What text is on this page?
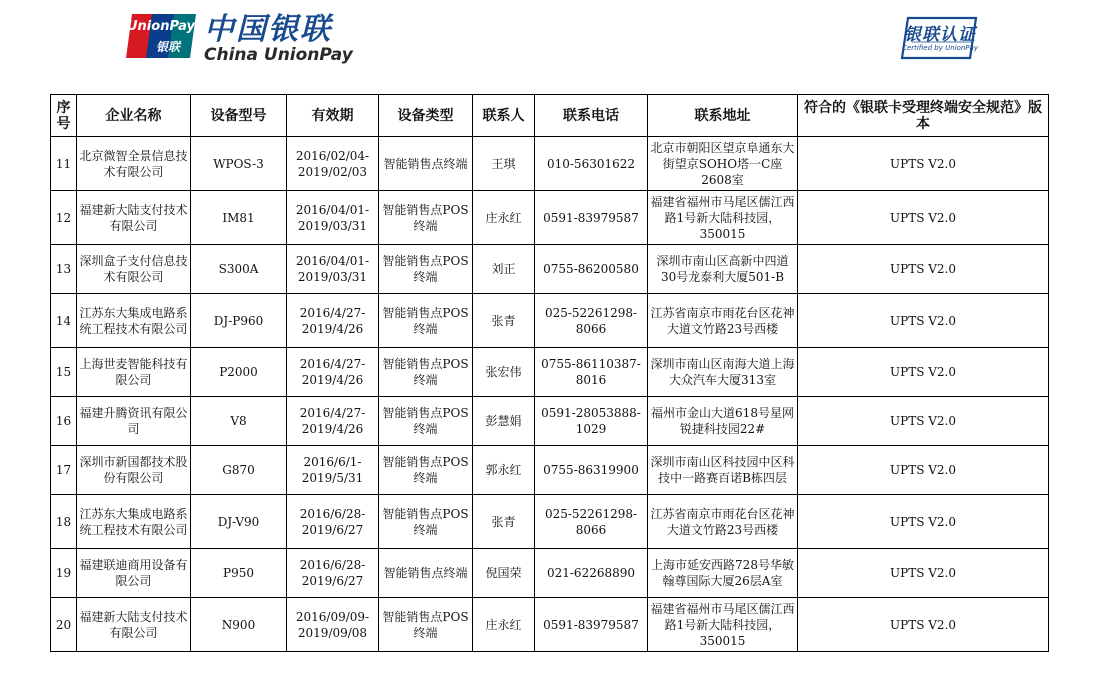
UnionPay
银联 中国银联
China UnionPay
银联认证
Certified by UnionPay
序号	企业名称	设备型号	有效期	设备类型	联系人	联系电话	联系地址	符合的《银联卡受理终端安全规范》版本
11	北京微智全景信息技术有限公司	WPOS-3	2016/02/04-2019/02/03	智能销售点终端	王琪	010-56301622	北京市朝阳区望京阜通东大街望京SOHO塔一C座2608室	UPTS V2.0
12	福建新大陆支付技术有限公司	IM81	2016/04/01-2019/03/31	智能销售点POS终端	庄永红	0591-83979587	福建省福州市马尾区儒江西路1号新大陆科技园，350015	UPTS V2.0
13	深圳盒子支付信息技术有限公司	S300A	2016/04/01-2019/03/31	智能销售点POS终端	刘正	0755-86200580	深圳市南山区高新中四道30号龙泰利大厦501-B	UPTS V2.0
14	江苏东大集成电路系统工程技术有限公司	DJ-P960	2016/4/27-2019/4/26	智能销售点POS终端	张青	025-52261298-8066	江苏省南京市雨花台区花神大道文竹路23号西楼	UPTS V2.0
15	上海世麦智能科技有限公司	P2000	2016/4/27-2019/4/26	智能销售点POS终端	张宏伟	0755-86110387-8016	深圳市南山区南海大道上海大众汽车大厦313室	UPTS V2.0
16	福建升腾资讯有限公司	V8	2016/4/27-2019/4/26	智能销售点POS终端	彭慧娟	0591-28053888-1029	福州市金山大道618号星网锐捷科技园22#	UPTS V2.0
17	深圳市新国都技术股份有限公司	G870	2016/6/1-2019/5/31	智能销售点POS终端	郭永红	0755-86319900	深圳市南山区科技园中区科技中一路赛百诺B栋四层	UPTS V2.0
18	江苏东大集成电路系统工程技术有限公司	DJ-V90	2016/6/28-2019/6/27	智能销售点POS终端	张青	025-52261298-8066	江苏省南京市雨花台区花神大道文竹路23号西楼	UPTS V2.0
19	福建联迪商用设备有限公司	P950	2016/6/28-2019/6/27	智能销售点终端	倪国荣	021-62268890	上海市延安西路728号华敏翰尊国际大厦26层A室	UPTS V2.0
20	福建新大陆支付技术有限公司	N900	2016/09/09-2019/09/08	智能销售点POS终端	庄永红	0591-83979587	福建省福州市马尾区儒江西路1号新大陆科技园，350015	UPTS V2.0
